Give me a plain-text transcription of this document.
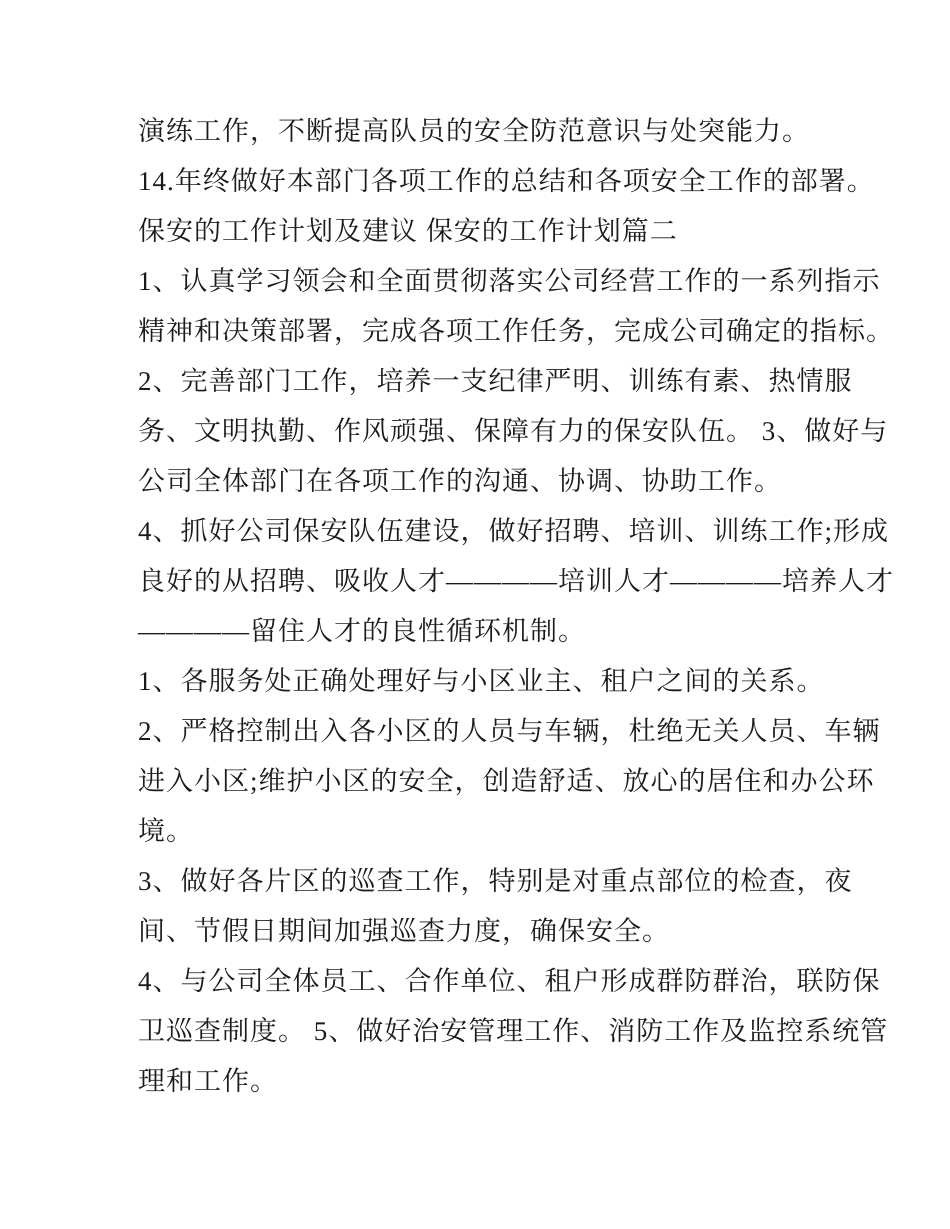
演练工作，不断提高队员的安全防范意识与处突能力。
14.年终做好本部门各项工作的总结和各项安全工作的部署。
保安的工作计划及建议 保安的工作计划篇二
1、认真学习领会和全面贯彻落实公司经营工作的一系列指示
精神和决策部署，完成各项工作任务，完成公司确定的指标。
2、完善部门工作，培养一支纪律严明、训练有素、热情服
务、文明执勤、作风顽强、保障有力的保安队伍。 3、做好与
公司全体部门在各项工作的沟通、协调、协助工作。
4、抓好公司保安队伍建设，做好招聘、培训、训练工作;形成
良好的从招聘、吸收人才————培训人才————培养人才
————留住人才的良性循环机制。
1、各服务处正确处理好与小区业主、租户之间的关系。
2、严格控制出入各小区的人员与车辆，杜绝无关人员、车辆
进入小区;维护小区的安全，创造舒适、放心的居住和办公环
境。
3、做好各片区的巡查工作，特别是对重点部位的检查，夜
间、节假日期间加强巡查力度，确保安全。
4、与公司全体员工、合作单位、租户形成群防群治，联防保
卫巡查制度。 5、做好治安管理工作、消防工作及监控系统管
理和工作。
